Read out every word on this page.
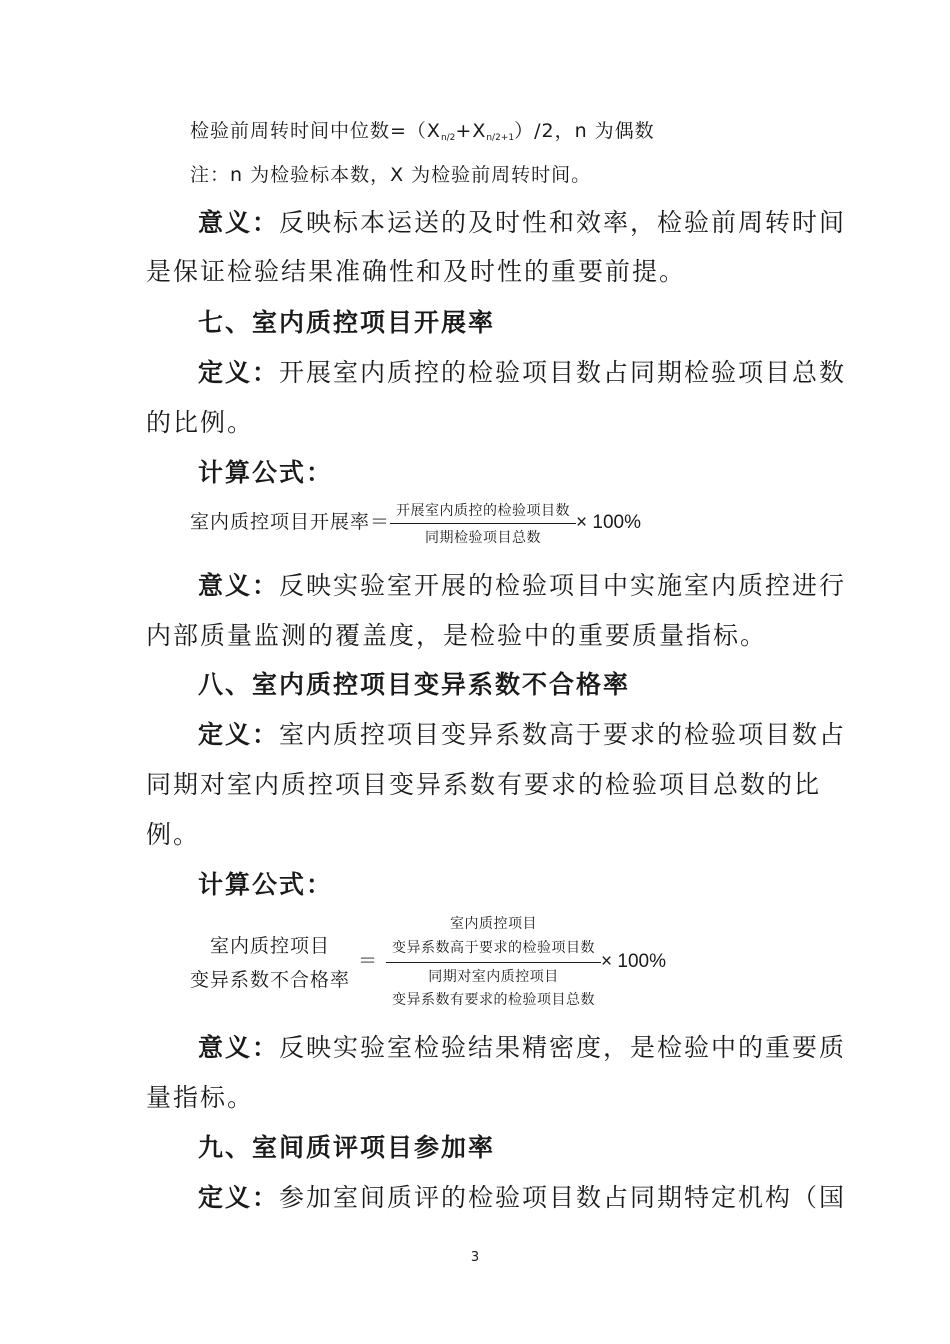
检验前周转时间中位数$=(X_{n/2}+X_{n/2+1})/2$，n 为偶数
注：n 为检验标本数，X 为检验前周转时间。
意义：反映标本运送的及时性和效率，检验前周转时间
是保证检验结果准确性和及时性的重要前提。
七、室内质控项目开展率
定义：开展室内质控的检验项目数占同期检验项目总数
的比例。
计算公式：
室内质控项目开展率＝ $\frac{\text{开展室内质控的检验项目数}}{\text{同期检验项目总数}} \times 100\%$
意义：反映实验室开展的检验项目中实施室内质控进行
内部质量监测的覆盖度，是检验中的重要质量指标。
八、室内质控项目变异系数不合格率
定义：室内质控项目变异系数高于要求的检验项目数占
同期对室内质控项目变异系数有要求的检验项目总数的比
例。
计算公式：
室内质控项目
变异系数不合格率
＝
室内质控项目
变异系数高于要求的检验项目数
同期对室内质控项目
变异系数有要求的检验项目总数
× 100%
意义：反映实验室检验结果精密度，是检验中的重要质
量指标。
九、室间质评项目参加率
定义：参加室间质评的检验项目数占同期特定机构（国
3
